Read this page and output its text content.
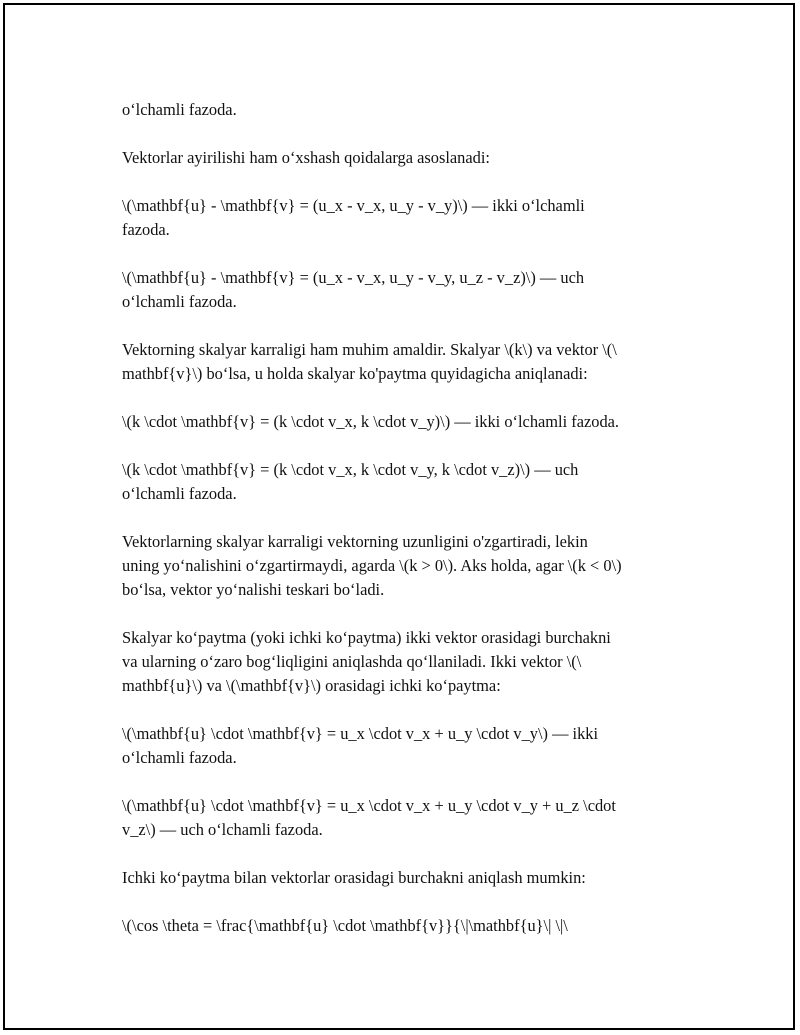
o‘lchamli fazoda.

Vektorlar ayirilishi ham o‘xshash qoidalarga asoslanadi:

\(\mathbf{u} - \mathbf{v} = (u_x - v_x, u_y - v_y)\) — ikki o‘lchamli
fazoda.

\(\mathbf{u} - \mathbf{v} = (u_x - v_x, u_y - v_y, u_z - v_z)\) — uch
o‘lchamli fazoda.

Vektorning skalyar karraligi ham muhim amaldir. Skalyar \(k\) va vektor \(\
mathbf{v}\) bo‘lsa, u holda skalyar ko'paytma quyidagicha aniqlanadi:

\(k \cdot \mathbf{v} = (k \cdot v_x, k \cdot v_y)\) — ikki o‘lchamli fazoda.

\(k \cdot \mathbf{v} = (k \cdot v_x, k \cdot v_y, k \cdot v_z)\) — uch
o‘lchamli fazoda.

Vektorlarning skalyar karraligi vektorning uzunligini o'zgartiradi, lekin
uning yo‘nalishini o‘zgartirmaydi, agarda \(k > 0\). Aks holda, agar \(k < 0\)
bo‘lsa, vektor yo‘nalishi teskari bo‘ladi.

Skalyar ko‘paytma (yoki ichki ko‘paytma) ikki vektor orasidagi burchakni
va ularning o‘zaro bog‘liqligini aniqlashda qo‘llaniladi. Ikki vektor \(\
mathbf{u}\) va \(\mathbf{v}\) orasidagi ichki ko‘paytma:

\(\mathbf{u} \cdot \mathbf{v} = u_x \cdot v_x + u_y \cdot v_y\) — ikki
o‘lchamli fazoda.

\(\mathbf{u} \cdot \mathbf{v} = u_x \cdot v_x + u_y \cdot v_y + u_z \cdot
v_z\) — uch o‘lchamli fazoda.

Ichki ko‘paytma bilan vektorlar orasidagi burchakni aniqlash mumkin:

\(\cos \theta = \frac{\mathbf{u} \cdot \mathbf{v}}{\|\mathbf{u}\| \|\
